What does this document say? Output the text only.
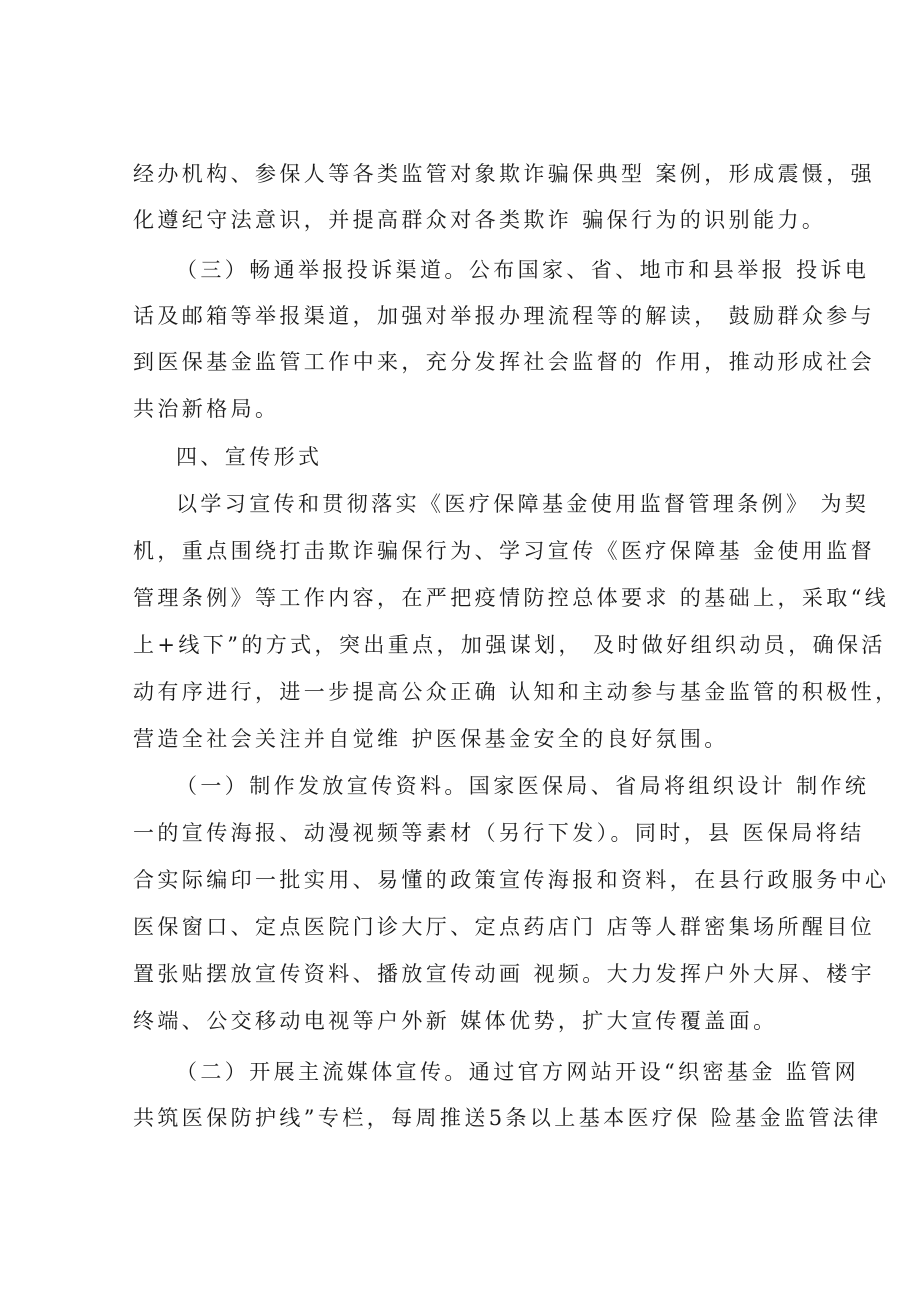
经办机构、参保人等各类监管对象欺诈骗保典型 案例，形成震慑，强
化遵纪守法意识，并提高群众对各类欺诈 骗保行为的识别能力。
（三）畅通举报投诉渠道。公布国家、省、地市和县举报 投诉电
话及邮箱等举报渠道，加强对举报办理流程等的解读， 鼓励群众参与
到医保基金监管工作中来，充分发挥社会监督的 作用，推动形成社会
共治新格局。
四、宣传形式
以学习宣传和贯彻落实《医疗保障基金使用监督管理条例》 为契
机，重点围绕打击欺诈骗保行为、学习宣传《医疗保障基 金使用监督
管理条例》等工作内容，在严把疫情防控总体要求 的基础上，采取“线
上+线下”的方式，突出重点，加强谋划， 及时做好组织动员，确保活
动有序进行，进一步提高公众正确 认知和主动参与基金监管的积极性，
营造全社会关注并自觉维 护医保基金安全的良好氛围。
（一）制作发放宣传资料。国家医保局、省局将组织设计 制作统
一的宣传海报、动漫视频等素材（另行下发）。同时，县 医保局将结
合实际编印一批实用、易懂的政策宣传海报和资料，在县行政服务中心
医保窗口、定点医院门诊大厅、定点药店门 店等人群密集场所醒目位
置张贴摆放宣传资料、播放宣传动画 视频。大力发挥户外大屏、楼宇
终端、公交移动电视等户外新 媒体优势，扩大宣传覆盖面。
（二）开展主流媒体宣传。通过官方网站开设“织密基金 监管网
共筑医保防护线”专栏，每周推送5条以上基本医疗保 险基金监管法律
